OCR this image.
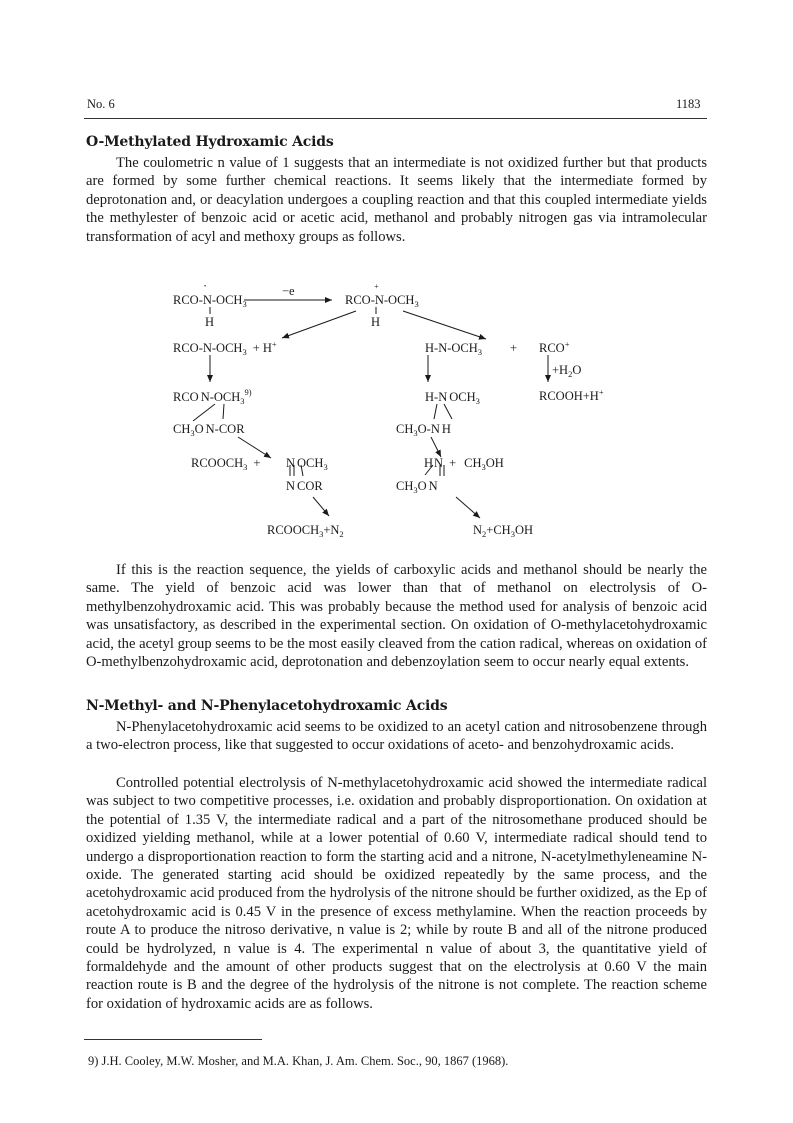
No. 6	1183
O-Methylated Hydroxamic Acids

The coulometric n value of 1 suggests that an intermediate is not oxidized further but that products are formed by some further chemical reactions. It seems likely that the intermediate formed by deprotonation and, or deacylation undergoes a coupling reaction and that this coupled intermediate yields the methylester of benzoic acid or acetic acid, methanol and probably nitrogen gas via intramolecular transformation of acyl and methoxy groups as follows.

RCO-$N-OCH_3$
·
H
−e
RCO-$N-OCH_3$
+
H
RCO-$N-OCH_3 + H^+$	$H-N-OCH_3 + RCO^+$
$+H_2O$
RCOOH+H+
RCO $N-OCH_3^{9)}$
$CH_3O$ N-COR
H-N $OCH_3$
$CH_3O-N$ H
$RCOOCH_3 + N$ $OCH_3$
N COR
HN + $CH_3OH$
$CH_3O$ N
$RCOOCH_3+N_2$	$N_2+CH_3OH$

If this is the reaction sequence, the yields of carboxylic acids and methanol should be nearly the same. The yield of benzoic acid was lower than that of methanol on electrolysis of O-methylbenzohydroxamic acid. This was probably because the method used for analysis of benzoic acid was unsatisfactory, as described in the experimental section. On oxidation of O-methylacetohydroxamic acid, the acetyl group seems to be the most easily cleaved from the cation radical, whereas on oxidation of O-methylbenzohydroxamic acid, deprotonation and debenzoylation seem to occur nearly equal extents.

N-Methyl- and N-Phenylacetohydroxamic Acids

N-Phenylacetohydroxamic acid seems to be oxidized to an acetyl cation and nitrosobenzene through a two-electron process, like that suggested to occur oxidations of aceto- and benzohydroxamic acids.

Controlled potential electrolysis of N-methylacetohydroxamic acid showed the intermediate radical was subject to two competitive processes, i.e. oxidation and probably disproportionation. On oxidation at the potential of 1.35 V, the intermediate radical and a part of the nitrosomethane produced should be oxidized yielding methanol, while at a lower potential of 0.60 V, intermediate radical should tend to undergo a disproportionation reaction to form the starting acid and a nitrone, N-acetylmethyleneamine N-oxide. The generated starting acid should be oxidized repeatedly by the same process, and the acetohydroxamic acid produced from the hydrolysis of the nitrone should be further oxidized, as the Ep of acetohydroxamic acid is 0.45 V in the presence of excess methylamine. When the reaction proceeds by route A to produce the nitroso derivative, n value is 2; while by route B and all of the nitrone produced could be hydrolyzed, n value is 4. The experimental n value of about 3, the quantitative yield of formaldehyde and the amount of other products suggest that on the electrolysis at 0.60 V the main reaction route is B and the degree of the hydrolysis of the nitrone is not complete. The reaction scheme for oxidation of hydroxamic acids are as follows.

9) J.H. Cooley, M.W. Mosher, and M.A. Khan, J. Am. Chem. Soc., 90, 1867 (1968).
